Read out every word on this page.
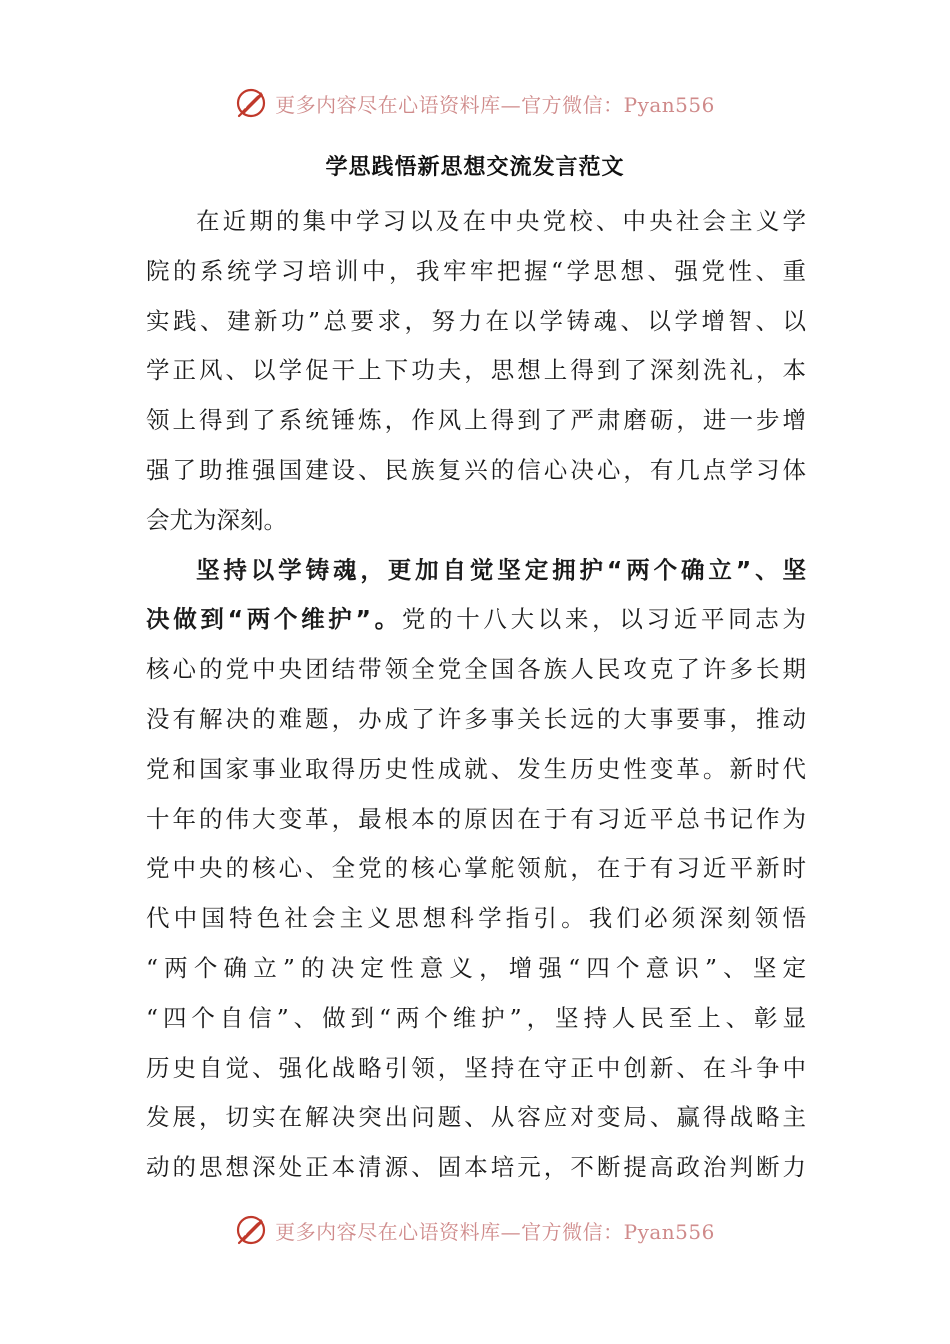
更多内容尽在心语资料库—官方微信：Pyan556
学思践悟新思想交流发言范文
在近期的集中学习以及在中央党校、中央社会主义学
院的系统学习培训中，我牢牢把握“学思想、强党性、重
实践、建新功”总要求，努力在以学铸魂、以学增智、以
学正风、以学促干上下功夫，思想上得到了深刻洗礼，本
领上得到了系统锤炼，作风上得到了严肃磨砺，进一步增
强了助推强国建设、民族复兴的信心决心，有几点学习体
会尤为深刻。
坚持以学铸魂，更加自觉坚定拥护“两个确立”、坚
决做到“两个维护”。党的十八大以来，以习近平同志为
核心的党中央团结带领全党全国各族人民攻克了许多长期
没有解决的难题，办成了许多事关长远的大事要事，推动
党和国家事业取得历史性成就、发生历史性变革。新时代
十年的伟大变革，最根本的原因在于有习近平总书记作为
党中央的核心、全党的核心掌舵领航，在于有习近平新时
代中国特色社会主义思想科学指引。我们必须深刻领悟
“两个确立”的决定性意义，增强“四个意识”、坚定
“四个自信”、做到“两个维护”，坚持人民至上、彰显
历史自觉、强化战略引领，坚持在守正中创新、在斗争中
发展，切实在解决突出问题、从容应对变局、赢得战略主
动的思想深处正本清源、固本培元，不断提高政治判断力
更多内容尽在心语资料库—官方微信：Pyan556
